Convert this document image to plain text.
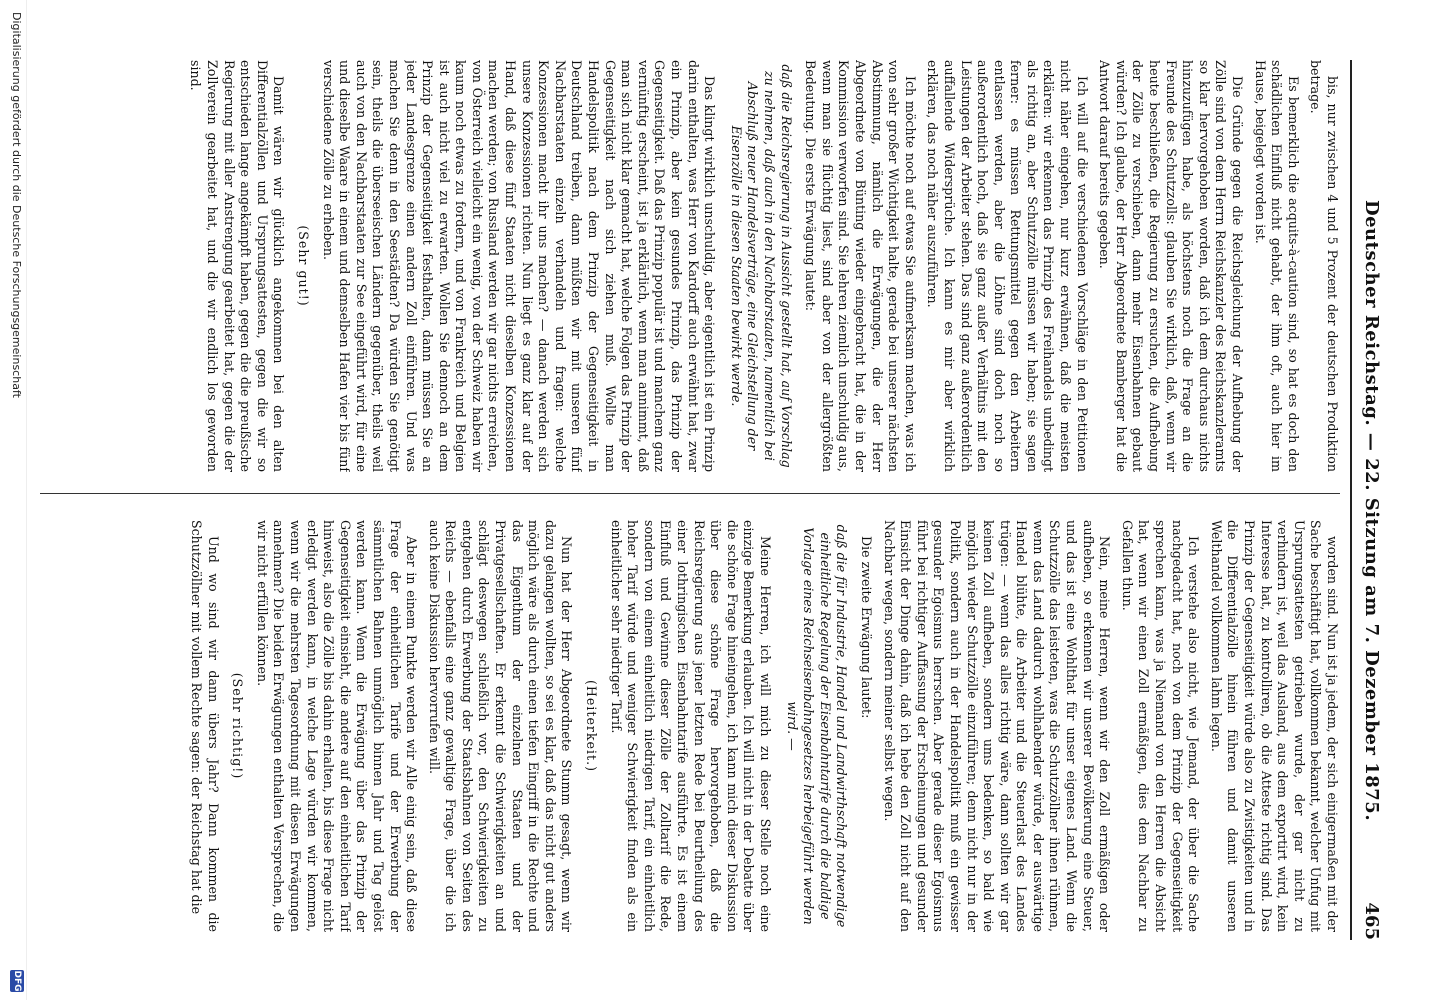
Deutscher Reichstag. — 22. Sitzung am 7. Dezember 1875.
465

bis, nur zwischen 4 und 5 Prozent der deutschen Produktion betrage.

Es bemerklich die acquits-à-caution sind, so hat es doch den schädlichen Einfluß nicht gehabt, der ihm oft, auch hier im Hause, beigelegt worden ist.

Die Gründe gegen die Reichsgleichung der Aufhebung der Zölle sind von dem Herrn Reichskanzler des Reichskanzleramts so klar hervorgehoben worden, daß ich dem durchaus nichts hinzuzufügen habe, als höchstens noch die Frage an die Freunde des Schutzzolls: glauben Sie wirklich, daß, wenn wir heute beschließen, die Regierung zu ersuchen, die Aufhebung der Zölle zu verschieben, dann mehr Eisenbahnen gebaut würden? Ich glaube, der Herr Abgeordnete Bamberger hat die Antwort darauf bereits gegeben.

Ich will auf die verschiedenen Vorschläge in den Petitionen nicht näher eingehen, nur kurz erwähnen, daß die meisten erklären: wir erkennen das Prinzip des Freihandels unbedingt als richtig an, aber Schutzzölle müssen wir haben; sie sagen ferner: es müssen Rettungsmittel gegen den Arbeitern entlassen werden, aber die Löhne sind doch noch so außerordentlich hoch, daß sie ganz außer Verhältnis mit den Leistungen der Arbeiter stehen. Das sind ganz außerordentlich auffallende Widersprüche. Ich kann es mir aber wirklich erklären, das noch näher auszuführen.

Ich möchte noch auf etwas Sie aufmerksam machen, was ich von sehr großer Wichtigkeit halte, gerade bei unserer nächsten Abstimmung, nämlich die Erwägungen, die der Herr Abgeordnete von Bünting wieder eingebracht hat, die in der Kommission verworfen sind. Sie lehren ziemlich unschuldig aus, wenn man sie flüchtig liest, sind aber von der allergrößten Bedeutung. Die erste Erwägung lautet:

daß die Reichsregierung in Aussicht gestellt hat, auf Vorschlag zu nehmen, daß auch in den Nachbarstaaten, namentlich bei Abschluß neuer Handelsverträge, eine Gleichstellung der Eisenzölle in diesen Staaten bewirkt werde.

Das klingt wirklich unschuldig, aber eigentlich ist ein Prinzip darin enthalten, was Herr von Kardorff auch erwähnt hat, zwar ein Prinzip, aber kein gesundes Prinzip, das Prinzip der Gegenseitigkeit. Daß das Prinzip populär ist und manchem ganz vernünftig erscheint, ist ja erklärlich, wenn man annimmt, daß man sich nicht klar gemacht hat, welche Folgen das Prinzip der Gegenseitigkeit nach sich ziehen muß. Wollte man Handelspolitik nach dem Prinzip der Gegenseitigkeit in Deutschland treiben, dann müßten wir mit unseren fünf Nachbarstaaten einzeln verhandeln und fragen: welche Konzessionen macht ihr uns machen? — danach werden sich unsere Konzessionen richten. Nun liegt es ganz klar auf der Hand, daß diese fünf Staaten nicht dieselben Konzessionen machen werden; von Russland werden wir gar nichts erreichen, von Österreich vielleicht ein wenig, von der Schweiz haben wir kaum noch etwas zu fordern, und von Frankreich und Belgien ist auch nicht viel zu erwarten. Wollen Sie dennoch an dem Prinzip der Gegenseitigkeit festhalten, dann müssen Sie an jeder Landesgrenze einen andern Zoll einführen. Und was machen Sie denn in den Seestädten? Da würden Sie genötigt sein, theils die überseeischen Ländern gegenüber, theils weil auch von den Nachbarstaaten zur See eingeführt wird, für eine und dieselbe Waare in einem und demselben Hafen vier bis fünf verschiedene Zölle zu erheben.

(Sehr gut!)

Damit wären wir glücklich angekommen bei den alten Differentialzöllen und Ursprungsattesten, gegen die wir so entschieden lange angekämpft haben, gegen die die preußische Regierung mit aller Anstrengung gearbeitet hat, gegen die der Zollverein gearbeitet hat, und die wir endlich los geworden sind.

worden sind. Nun ist ja jedem, der sich einigermaßen mit der Sache beschäftigt hat, vollkommen bekannt, welcher Unfug mit Ursprungsattesten getrieben wurde, der gar nicht zu verhindern ist, weil das Ausland, aus dem exportirt wird, kein Interesse hat, zu kontrolliren, ob die Atteste richtig sind. Das Prinzip der Gegenseitigkeit würde also zu Zwistigkeiten und in die Differentialzölle hinein führen und damit unseren Welthandel vollkommen lahm legen.

Ich verstehe also nicht, wie Jemand, der über die Sache nachgedacht hat, noch von dem Prinzip der Gegenseitigkeit sprechen kann, was ja Niemand von den Herren die Absicht hat, wenn wir einen Zoll ermäßigen, dies dem Nachbar zu Gefallen thun.

Nein, meine Herren, wenn wir den Zoll ermäßigen oder aufheben, so erkennen wir unserer Bevölkerung eine Steuer, und das ist eine Wohlthat für unser eigenes Land. Wenn die Schutzzölle das leisteten, was die Schutzzöllner ihnen rühmen, wenn das Land dadurch wohlhabender würde, der auswärtige Handel blühte, die Arbeiter und die Steuerlast des Landes trügen: — wenn das alles richtig wäre, dann sollten wir gar keinen Zoll aufheben, sondern ums bedenken, so bald wie möglich wieder Schutzzölle einzuführen; denn nicht nur in der Politik, sondern auch in der Handelspolitik muß ein gewisser gesunder Egoismus herrschen. Aber gerade dieser Egoismus führt bei richtiger Auffassung der Erscheinungen und gesunder Einsicht der Dinge dahin, daß ich hebe den Zoll nicht auf den Nachbar wegen, sondern meiner selbst wegen.

Die zweite Erwägung lautet:

daß die für Industrie, Handel und Landwirthschaft notwendige einheitliche Regelung der Eisenbahntarife durch die baldige Vorlage eines Reichseisenbahngesetzes herbeigeführt werden wird. —

Meine Herren, ich will mich zu dieser Stelle noch eine einzige Bemerkung erlauben. Ich will nicht in der Debatte über die schöne Frage hineingehen, ich kann mich dieser Diskussion über diese schöne Frage hervorgehoben, daß die Reichsregierung aus jener letzten Rede bei Beurtheilung des einer lothringischen Eisenbahntarife ausführte. Es ist einem Einfluß und Gewinne dieser Zölle der Zolltarif die Rede, sondern von einem einheitlich niedrigen Tarif, ein einheitlich hoher Tarif würde und weniger Schwierigkeit finden als ein einheitlicher sehr niedriger Tarif.

(Heiterkeit.)

Nun hat der Herr Abgeordnete Stumm gesagt, wenn wir dazu gelangen wollten, so sei es klar, daß das nicht gut anders möglich wäre als durch einen tiefen Eingriff in die Rechte und das Eigenthum der einzelnen Staaten und der Privatgesellschaften. Er erkennt die Schwierigkeiten an und schlägt deswegen schließlich vor, den Schwierigkeiten zu entgehen durch Erwerbung der Staatsbahnen von Seiten des Reichs — ebenfalls eine ganz gewaltige Frage, über die ich auch keine Diskussion hervorrufen will.

Aber in einem Punkte werden wir Alle einig sein, daß diese Frage der einheitlichen Tarife und der Erwerbung der sämmtlichen Bahnen unmöglich binnen Jahr und Tag gelöst werden kann. Wenn die Erwägung über das Prinzip der Gegenseitigkeit einsieht, die andere auf den einheitlichen Tarif hinweist, also die Zölle bis dahin erhalten, bis diese Frage nicht erledigt werden kann, in welche Lage würden wir kommen, wenn wir die mehrsten Tagesordnung mit diesen Erwägungen annehmen? Die beiden Erwägungen enthalten Versprechen, die wir nicht erfüllen können.

(Sehr richtig!)

Und wo sind wir dann übers Jahr? Dann kommen die Schutzzöllner mit vollem Rechte sagen: der Reichstag hat die

Digitalisierung gefördert durch die Deutsche Forschungsgemeinschaft
DFG
